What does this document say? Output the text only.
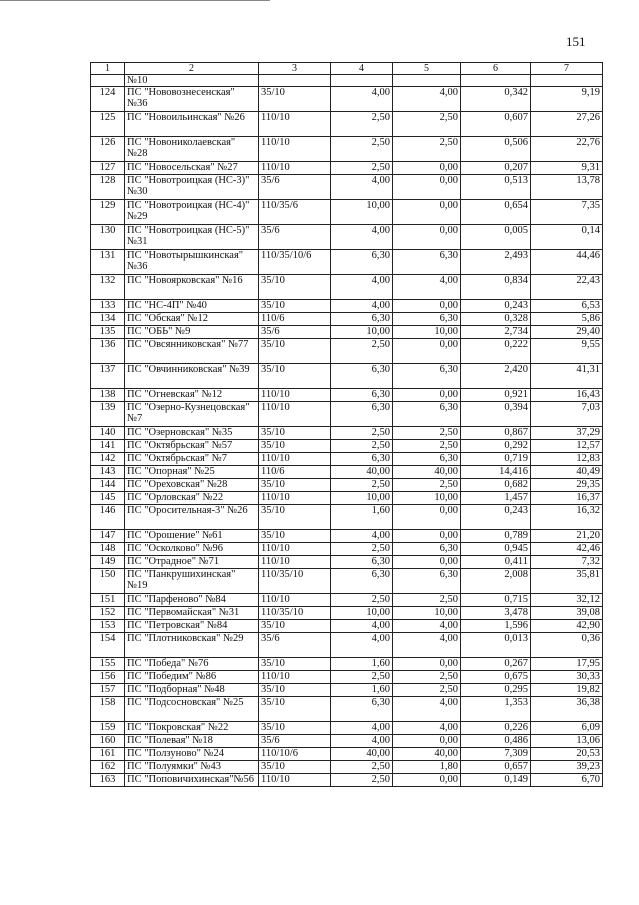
151
1	2	3	4	5	6	7
	№10					
124	ПС "Нововознесенская" №36	35/10	4,00	4,00	0,342	9,19
125	ПС "Новоильинская" №26	110/10	2,50	2,50	0,607	27,26
126	ПС "Новониколаевская" №28	110/10	2,50	2,50	0,506	22,76
127	ПС "Новосельская" №27	110/10	2,50	0,00	0,207	9,31
128	ПС "Новотроицкая (НС-3)" №30	35/6	4,00	0,00	0,513	13,78
129	ПС "Новотроицкая (НС-4)" №29	110/35/6	10,00	0,00	0,654	7,35
130	ПС "Новотроицкая (НС-5)" №31	35/6	4,00	0,00	0,005	0,14
131	ПС "Новотырышкинская" №36	110/35/10/6	6,30	6,30	2,493	44,46
132	ПС "Новоярковская" №16	35/10	4,00	4,00	0,834	22,43
133	ПС "НС-4П" №40	35/10	4,00	0,00	0,243	6,53
134	ПС "Обская" №12	110/6	6,30	6,30	0,328	5,86
135	ПС "ОБЬ" №9	35/6	10,00	10,00	2,734	29,40
136	ПС "Овсянниковская" №77	35/10	2,50	0,00	0,222	9,55
137	ПС "Овчинниковская" №39	35/10	6,30	6,30	2,420	41,31
138	ПС "Огневская" №12	110/10	6,30	0,00	0,921	16,43
139	ПС "Озерно-Кузнецовская" №7	110/10	6,30	6,30	0,394	7,03
140	ПС "Озерновская" №35	35/10	2,50	2,50	0,867	37,29
141	ПС "Октябрьская" №57	35/10	2,50	2,50	0,292	12,57
142	ПС "Октябрьская" №7	110/10	6,30	6,30	0,719	12,83
143	ПС "Опорная" №25	110/6	40,00	40,00	14,416	40,49
144	ПС "Ореховская" №28	35/10	2,50	2,50	0,682	29,35
145	ПС "Орловская" №22	110/10	10,00	10,00	1,457	16,37
146	ПС "Оросительная-3" №26	35/10	1,60	0,00	0,243	16,32
147	ПС "Орошение" №61	35/10	4,00	0,00	0,789	21,20
148	ПС "Осколково" №96	110/10	2,50	6,30	0,945	42,46
149	ПС "Отрадное" №71	110/10	6,30	0,00	0,411	7,32
150	ПС "Панкрушихинская" №19	110/35/10	6,30	6,30	2,008	35,81
151	ПС "Парфеново" №84	110/10	2,50	2,50	0,715	32,12
152	ПС "Первомайская" №31	110/35/10	10,00	10,00	3,478	39,08
153	ПС "Петровская" №84	35/10	4,00	4,00	1,596	42,90
154	ПС "Плотниковская" №29	35/6	4,00	4,00	0,013	0,36
155	ПС "Победа" №76	35/10	1,60	0,00	0,267	17,95
156	ПС "Победим" №86	110/10	2,50	2,50	0,675	30,33
157	ПС "Подборная" №48	35/10	1,60	2,50	0,295	19,82
158	ПС "Подсосновская" №25	35/10	6,30	4,00	1,353	36,38
159	ПС "Покровская" №22	35/10	4,00	4,00	0,226	6,09
160	ПС "Полевая" №18	35/6	4,00	0,00	0,486	13,06
161	ПС "Ползуново" №24	110/10/6	40,00	40,00	7,309	20,53
162	ПС "Полуямки" №43	35/10	2,50	1,80	0,657	39,23
163	ПС "Поповичихинская"№56	110/10	2,50	0,00	0,149	6,70
